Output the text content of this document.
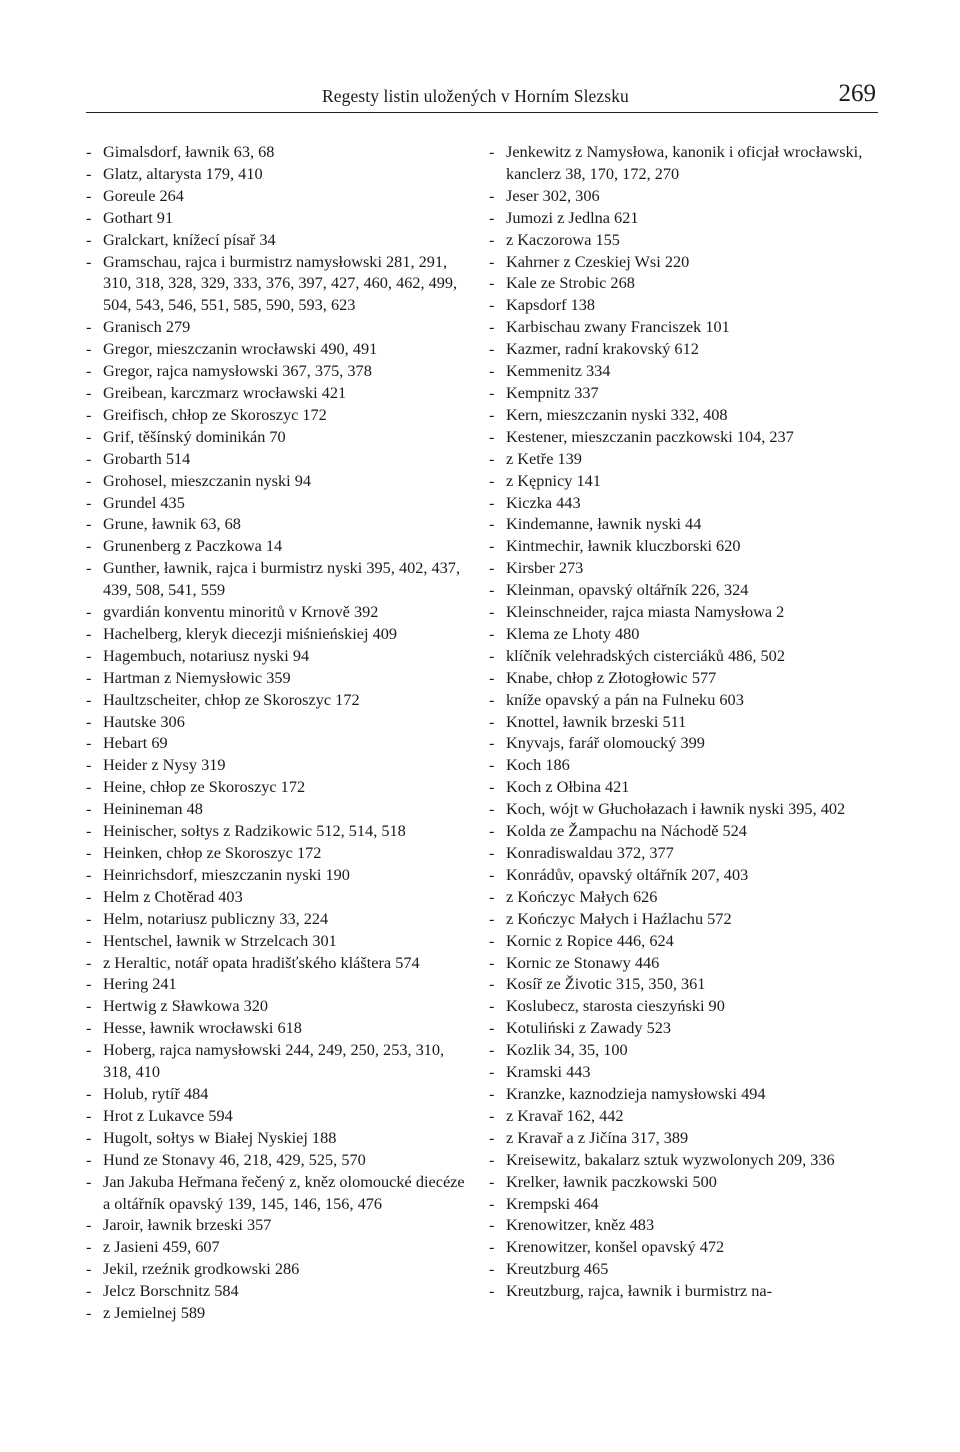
Regesty listin uložených v Horním Slezsku	269
- Gimalsdorf, ławnik 63, 68
- Glatz, altarysta 179, 410
- Goreule 264
- Gothart 91
- Gralckart, knížecí písař 34
- Gramschau, rajca i burmistrz namysłowski 281, 291, 310, 318, 328, 329, 333, 376, 397, 427, 460, 462, 499, 504, 543, 546, 551, 585, 590, 593, 623
- Granisch 279
- Gregor, mieszczanin wrocławski 490, 491
- Gregor, rajca namysłowski 367, 375, 378
- Greibean, karczmarz wrocławski 421
- Greifisch, chłop ze Skoroszyc 172
- Grif, těšínský dominikán 70
- Grobarth 514
- Grohosel, mieszczanin nyski 94
- Grundel 435
- Grune, ławnik 63, 68
- Grunenberg z Paczkowa 14
- Gunther, ławnik, rajca i burmistrz nyski 395, 402, 437, 439, 508, 541, 559
- gvardián konventu minoritů v Krnově 392
- Hachelberg, kleryk diecezji miśnieńskiej 409
- Hagembuch, notariusz nyski 94
- Hartman z Niemysłowic 359
- Haultzscheiter, chłop ze Skoroszyc 172
- Hautske 306
- Hebart 69
- Heider z Nysy 319
- Heine, chłop ze Skoroszyc 172
- Heinineman 48
- Heinischer, sołtys z Radzikowic 512, 514, 518
- Heinken, chłop ze Skoroszyc 172
- Heinrichsdorf, mieszczanin nyski 190
- Helm z Chotěrad 403
- Helm, notariusz publiczny 33, 224
- Hentschel, ławnik w Strzelcach 301
- z Heraltic, notář opata hradišťského kláštera 574
- Hering 241
- Hertwig z Sławkowa 320
- Hesse, ławnik wrocławski 618
- Hoberg, rajca namysłowski 244, 249, 250, 253, 310, 318, 410
- Holub, rytíř 484
- Hrot z Lukavce 594
- Hugolt, sołtys w Białej Nyskiej 188
- Hund ze Stonavy 46, 218, 429, 525, 570
- Jan Jakuba Heřmana řečený z, kněz olomoucké diecéze a oltářník opavský 139, 145, 146, 156, 476
- Jaroir, ławnik brzeski 357
- z Jasieni 459, 607
- Jekil, rzeźnik grodkowski 286
- Jelcz Borschnitz 584
- z Jemielnej 589
- Jenkewitz z Namysłowa, kanonik i oficjał wrocławski, kanclerz 38, 170, 172, 270
- Jeser 302, 306
- Jumozi z Jedlna 621
- z Kaczorowa 155
- Kahrner z Czeskiej Wsi 220
- Kale ze Strobic 268
- Kapsdorf 138
- Karbischau zwany Franciszek 101
- Kazmer, radní krakovský 612
- Kemmenitz 334
- Kempnitz 337
- Kern, mieszczanin nyski 332, 408
- Kestener, mieszczanin paczkowski 104, 237
- z Ketře 139
- z Kępnicy 141
- Kiczka 443
- Kindemanne, ławnik nyski 44
- Kintmechir, ławnik kluczborski 620
- Kirsber 273
- Kleinman, opavský oltářník 226, 324
- Kleinschneider, rajca miasta Namysłowa 2
- Klema ze Lhoty 480
- klíčník velehradských cisterciáků 486, 502
- Knabe, chłop z Złotogłowic 577
- kníže opavský a pán na Fulneku 603
- Knottel, ławnik brzeski 511
- Knyvajs, farář olomoucký 399
- Koch 186
- Koch z Ołbina 421
- Koch, wójt w Głuchołazach i ławnik nyski 395, 402
- Kolda ze Žampachu na Náchodě 524
- Konradiswaldau 372, 377
- Konrádův, opavský oltářník 207, 403
- z Kończyc Małych 626
- z Kończyc Małych i Haźlachu 572
- Kornic z Ropice 446, 624
- Kornic ze Stonawy 446
- Kosíř ze Životic 315, 350, 361
- Koslubecz, starosta cieszyński 90
- Kotuliński z Zawady 523
- Kozlik 34, 35, 100
- Kramski 443
- Kranzke, kaznodzieja namysłowski 494
- z Kravař 162, 442
- z Kravař a z Jičína 317, 389
- Kreisewitz, bakalarz sztuk wyzwolonych 209, 336
- Krelker, ławnik paczkowski 500
- Krempski 464
- Krenowitzer, kněz 483
- Krenowitzer, konšel opavský 472
- Kreutzburg 465
- Kreutzburg, rajca, ławnik i burmistrz na-
